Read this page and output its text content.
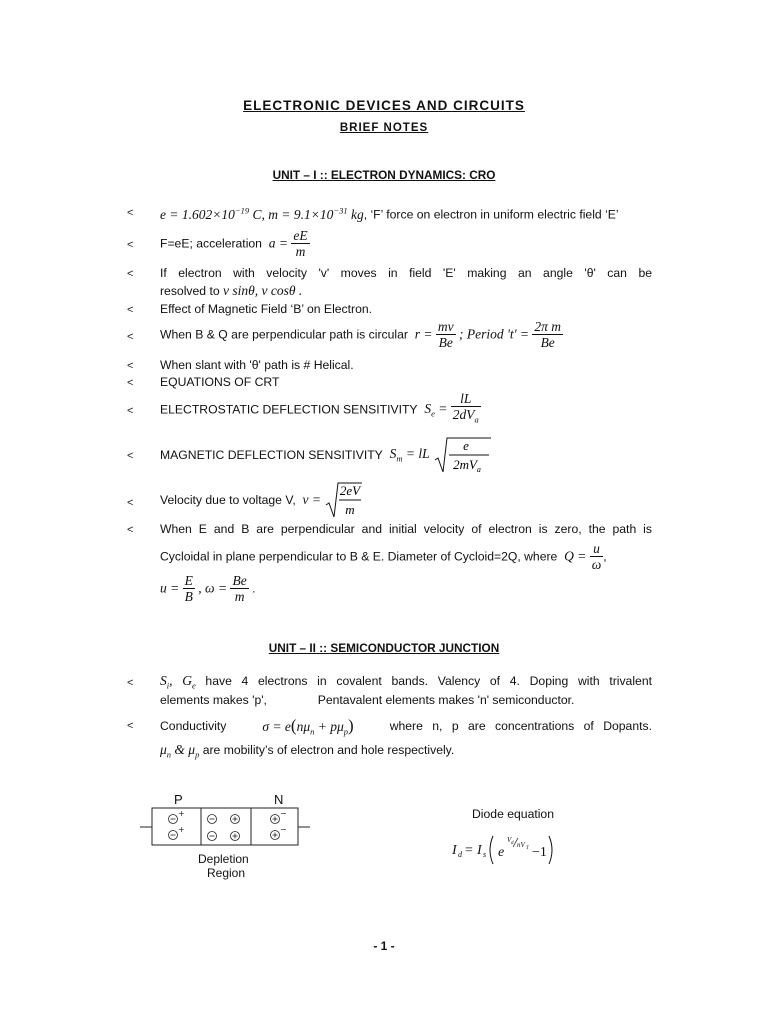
ELECTRONIC DEVICES AND CIRCUITS
BRIEF NOTES
UNIT – I :: ELECTRON DYNAMICS: CRO
< $e = 1.602\times 10^{-19}$ C, $m = 9.1\times 10^{-31}$ kg, ‘F’ force on electron in uniform electric field ‘E’
< F=eE; acceleration  $a = \frac{eE}{m}$
< If electron with velocity 'v' moves in field 'E' making an angle 'θ' can be
resolved to v sinθ, v cosθ .
< Effect of Magnetic Field ‘B’ on Electron.
< When B & Q are perpendicular path is circular  $r = \frac{mv}{Be}$ ; Period '$t' = \frac{\text{2π m}}{Be}$
< When slant with 'θ' path is # Helical.
< EQUATIONS OF CRT
< ELECTROSTATIC DEFLECTION SENSITIVITY  $S_e = \frac{lL}{2dV_a}$
< MAGNETIC DEFLECTION SENSITIVITY  $S_m$ = lL
e
$2mV_a$
< Velocity due to voltage V,  v =
2eV
m
< When E and B are perpendicular and initial velocity of electron is zero, the path is
Cycloidal in plane perpendicular to B & E. Diameter of Cycloid=2Q, where  $Q = \frac{u}{\omega}$ ,
$u = \frac{E}{B}$ , $\omega = \frac{Be}{m}$ .
UNIT – II :: SEMICONDUCTOR JUNCTION
< $S_i$, $G_e$ have 4 electrons in covalent bands. Valency of 4. Doping with trivalent
elements makes 'p',	Pentavalent elements makes 'n' semiconductor.
< Conductivity	$\sigma = e(n\mu_n + p\mu_p)$	where n, p are concentrations of Dopants.
$\mu_n$ & $\mu_p$ are mobility’s of electron and hole respectively.
P	N
+
+
−
−
Depletion
Region
Diode equation
I d = I s e
V d nV T −1
- 1 -
